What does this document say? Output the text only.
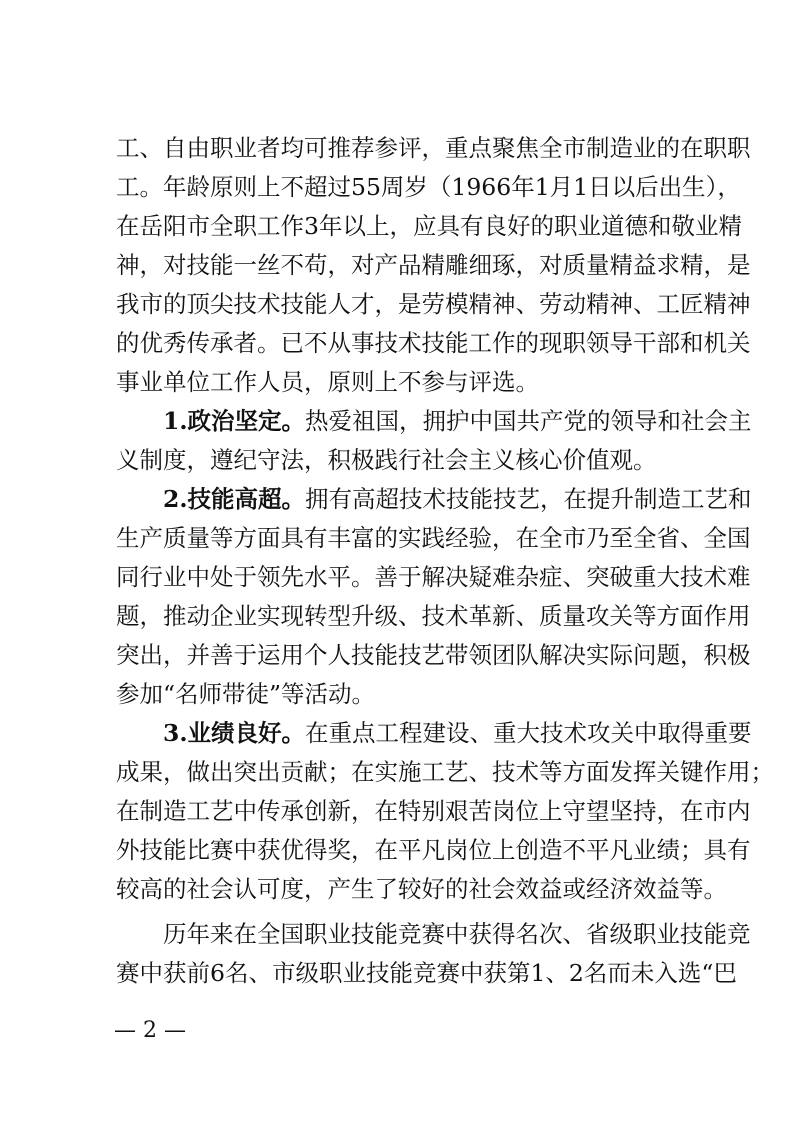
工、自由职业者均可推荐参评，重点聚焦全市制造业的在职职
工。年龄原则上不超过55周岁（1966年1月1日以后出生），
在岳阳市全职工作3年以上，应具有良好的职业道德和敬业精
神，对技能一丝不苟，对产品精雕细琢，对质量精益求精，是
我市的顶尖技术技能人才，是劳模精神、劳动精神、工匠精神
的优秀传承者。已不从事技术技能工作的现职领导干部和机关
事业单位工作人员，原则上不参与评选。
1.政治坚定。热爱祖国，拥护中国共产党的领导和社会主
义制度，遵纪守法，积极践行社会主义核心价值观。
2.技能高超。拥有高超技术技能技艺，在提升制造工艺和
生产质量等方面具有丰富的实践经验，在全市乃至全省、全国
同行业中处于领先水平。善于解决疑难杂症、突破重大技术难
题，推动企业实现转型升级、技术革新、质量攻关等方面作用
突出，并善于运用个人技能技艺带领团队解决实际问题，积极
参加“名师带徒”等活动。
3.业绩良好。在重点工程建设、重大技术攻关中取得重要
成果，做出突出贡献；在实施工艺、技术等方面发挥关键作用；
在制造工艺中传承创新，在特别艰苦岗位上守望坚持，在市内
外技能比赛中获优得奖，在平凡岗位上创造不平凡业绩；具有
较高的社会认可度，产生了较好的社会效益或经济效益等。
历年来在全国职业技能竞赛中获得名次、省级职业技能竞
赛中获前6名、市级职业技能竞赛中获第1、2名而未入选“巴
— 2 —
